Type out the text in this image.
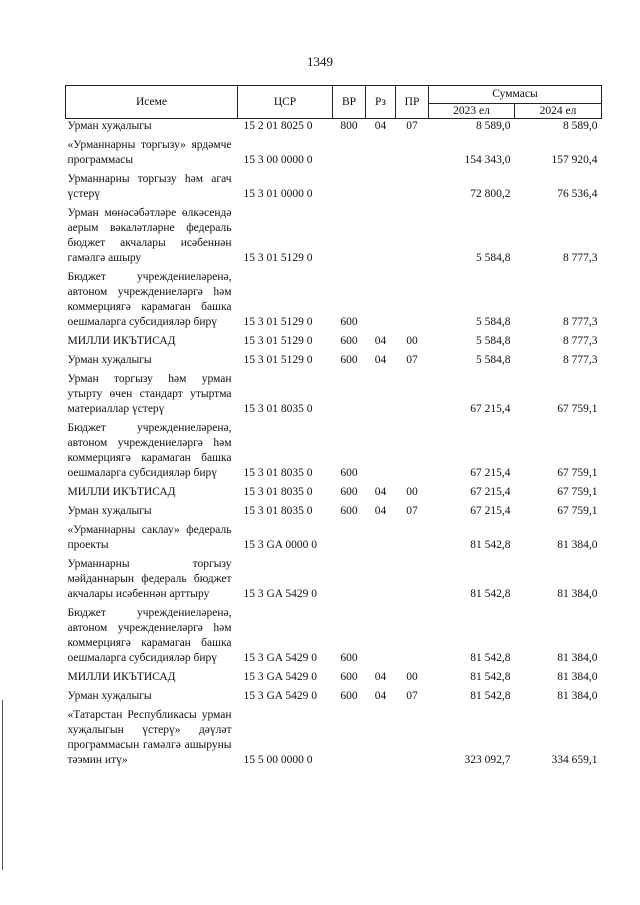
1349
Исеме	ЦСР	ВР	Рз	ПР	Суммасы	
					2023 ел	2024 ел
Урман хуҗалыгы	15 2 01 8025 0	800	04	07	8 589,0	8 589,0
«Урманнарны торгызу» ярдәмче программасы	15 3 00 0000 0				154 343,0	157 920,4
Урманнарны торгызу һәм агач үстерү	15 3 01 0000 0				72 800,2	76 536,4
Урман мөнәсәбәтләре өлкәсендә аерым вәкаләтләрне федераль бюджет акчалары исәбеннән гамәлгә ашыру	15 3 01 5129 0				5 584,8	8 777,3
Бюджет учреждениеләренә, автоном учреждениеләргә һәм коммерциягә карамаган башка оешмаларга субсидияләр бирү	15 3 01 5129 0	600			5 584,8	8 777,3
МИЛЛИ ИКЪТИСАД	15 3 01 5129 0	600	04	00	5 584,8	8 777,3
Урман хуҗалыгы	15 3 01 5129 0	600	04	07	5 584,8	8 777,3
Урман торгызу һәм урман утырту өчен стандарт утыртма материаллар үстерү	15 3 01 8035 0				67 215,4	67 759,1
Бюджет учреждениеләренә, автоном учреждениеләргә һәм коммерциягә карамаган башка оешмаларга субсидияләр бирү	15 3 01 8035 0	600			67 215,4	67 759,1
МИЛЛИ ИКЪТИСАД	15 3 01 8035 0	600	04	00	67 215,4	67 759,1
Урман хуҗалыгы	15 3 01 8035 0	600	04	07	67 215,4	67 759,1
«Урманнарны саклау» федераль проекты	15 3 GA 0000 0				81 542,8	81 384,0
Урманнарны торгызу мәйданнарын федераль бюджет акчалары исәбеннән арттыру	15 3 GA 5429 0				81 542,8	81 384,0
Бюджет учреждениеләренә, автоном учреждениеләргә һәм коммерциягә карамаган башка оешмаларга субсидияләр бирү	15 3 GA 5429 0	600			81 542,8	81 384,0
МИЛЛИ ИКЪТИСАД	15 3 GA 5429 0	600	04	00	81 542,8	81 384,0
Урман хуҗалыгы	15 3 GA 5429 0	600	04	07	81 542,8	81 384,0
«Татарстан Республикасы урман хуҗалыгын үстерү» дәүләт программасын гамәлгә ашыруны тәэмин итү»	15 5 00 0000 0				323 092,7	334 659,1
